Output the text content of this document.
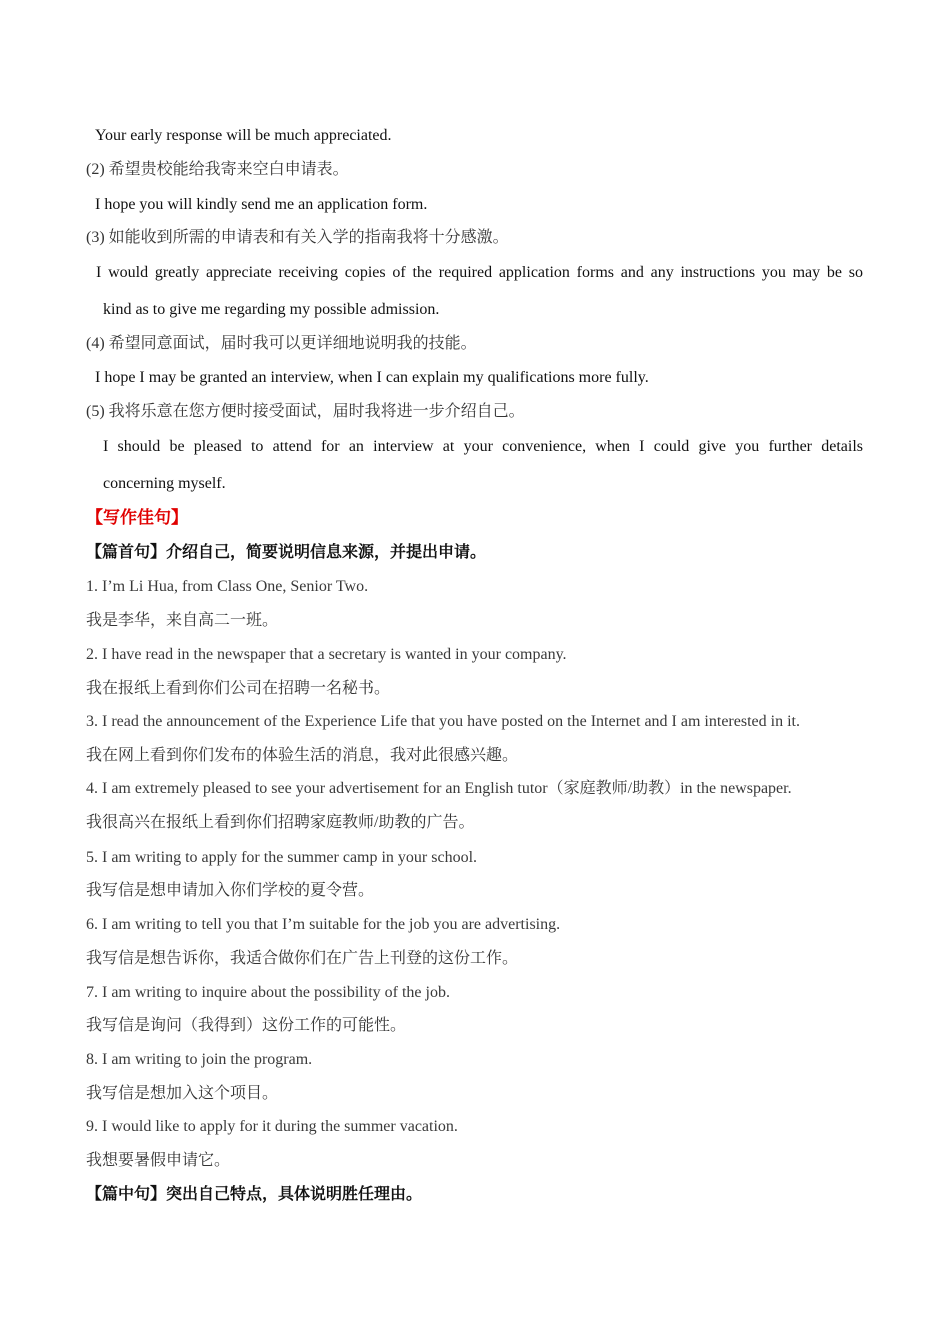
Your early response will be much appreciated.
(2) 希望贵校能给我寄来空白申请表。
I hope you will kindly send me an application form.
(3) 如能收到所需的申请表和有关入学的指南我将十分感激。
I would greatly appreciate receiving copies of the required application forms and any instructions you may be so
kind as to give me regarding my possible admission.
(4) 希望同意面试，届时我可以更详细地说明我的技能。
I hope I may be granted an interview, when I can explain my qualifications more fully.
(5) 我将乐意在您方便时接受面试，届时我将进一步介绍自己。
I should be pleased to attend for an interview at your convenience, when I could give you further details
concerning myself.
【写作佳句】
【篇首句】介绍自己，简要说明信息来源，并提出申请。
1. I’m Li Hua, from Class One, Senior Two.
我是李华，来自高二一班。
2. I have read in the newspaper that a secretary is wanted in your company.
我在报纸上看到你们公司在招聘一名秘书。
3. I read the announcement of the Experience Life that you have posted on the Internet and I am interested in it.
我在网上看到你们发布的体验生活的消息，我对此很感兴趣。
4. I am extremely pleased to see your advertisement for an English tutor（家庭教师/助教）in the newspaper.
我很高兴在报纸上看到你们招聘家庭教师/助教的广告。
5. I am writing to apply for the summer camp in your school.
我写信是想申请加入你们学校的夏令营。
6. I am writing to tell you that I’m suitable for the job you are advertising.
我写信是想告诉你，我适合做你们在广告上刊登的这份工作。
7. I am writing to inquire about the possibility of the job.
我写信是询问（我得到）这份工作的可能性。
8. I am writing to join the program.
我写信是想加入这个项目。
9. I would like to apply for it during the summer vacation.
我想要暑假申请它。
【篇中句】突出自己特点，具体说明胜任理由。
